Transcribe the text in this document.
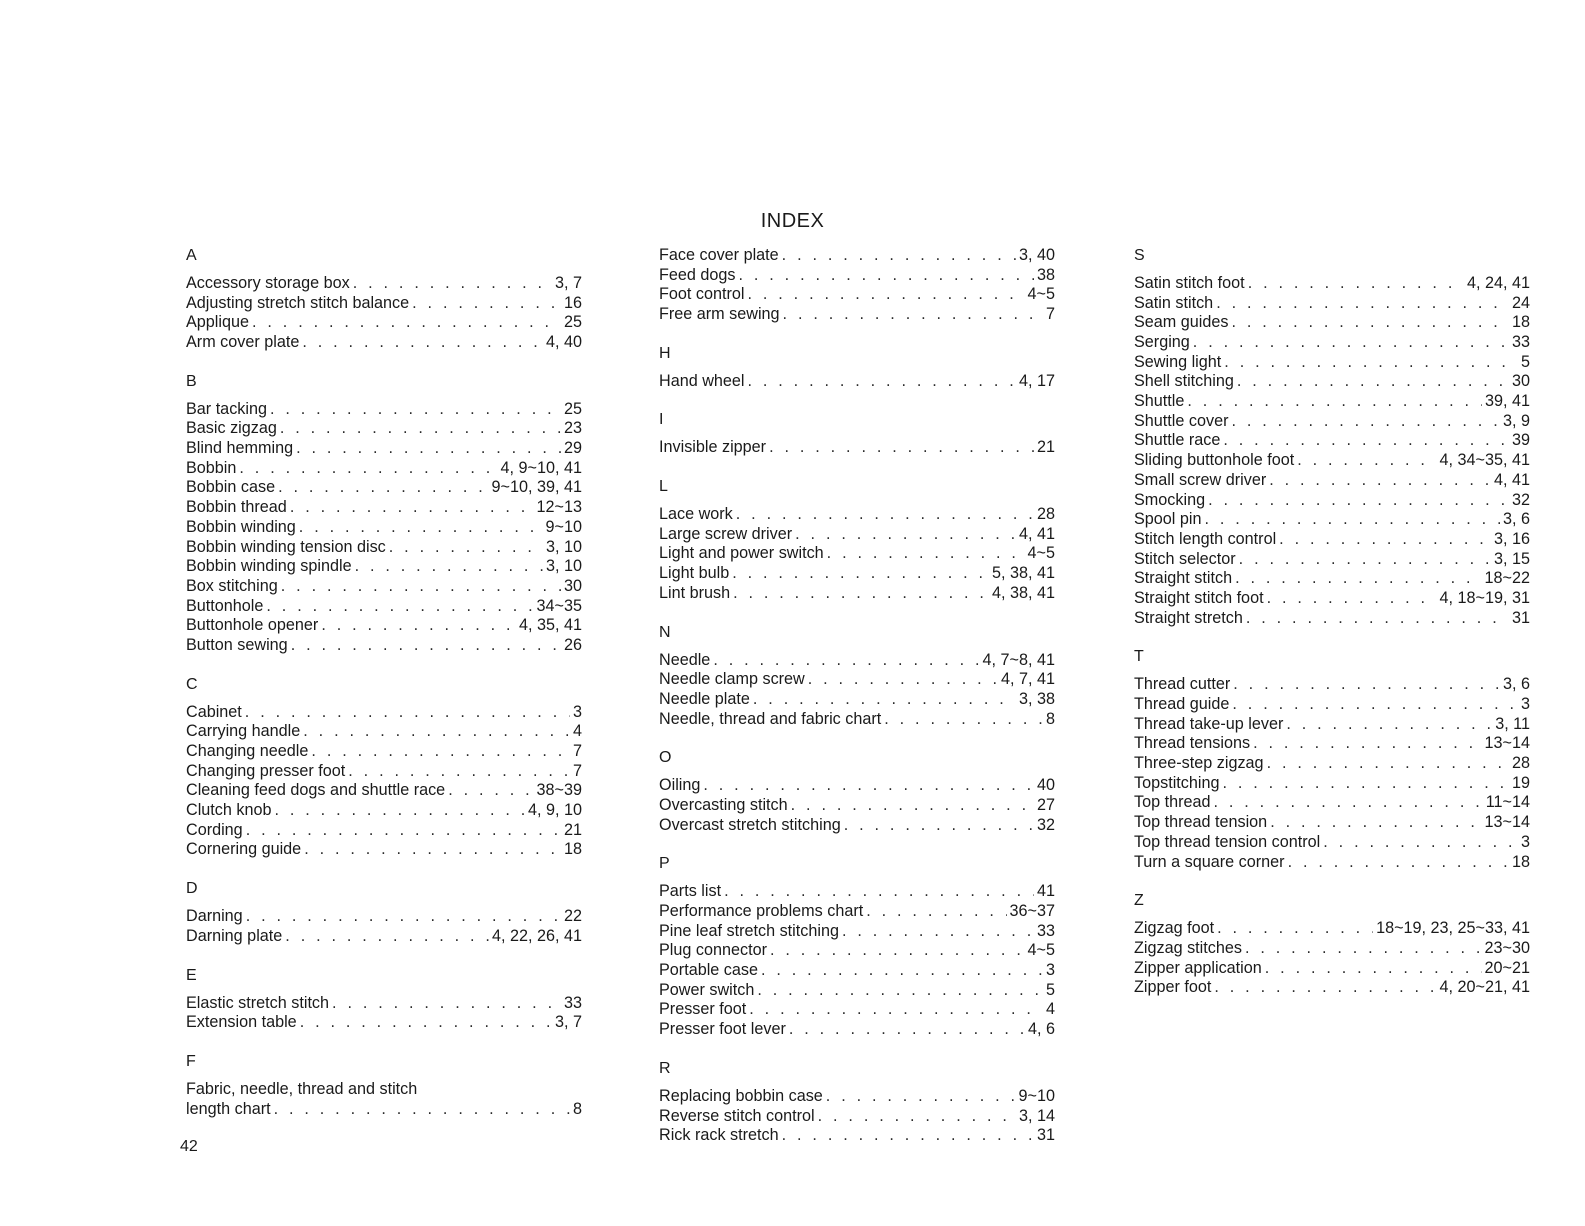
INDEX
A
Accessory storage box . . .	3, 7
Adjusting stretch stitch balance . . .	16
Applique . . .	25
Arm cover plate . . .	4, 40
B
Bar tacking . . .	25
Basic zigzag . . .	23
Blind hemming . . .	29
Bobbin . . .	4, 9~10, 41
Bobbin case . . .	9~10, 39, 41
Bobbin thread . . .	12~13
Bobbin winding . . .	9~10
Bobbin winding tension disc . . .	3, 10
Bobbin winding spindle . . .	3, 10
Box stitching . . .	30
Buttonhole . . .	34~35
Buttonhole opener . . .	4, 35, 41
Button sewing . . .	26
C
Cabinet . . .	3
Carrying handle . . .	4
Changing needle . . .	7
Changing presser foot . . .	7
Cleaning feed dogs and shuttle race . . .	38~39
Clutch knob . . .	4, 9, 10
Cording . . .	21
Cornering guide . . .	18
D
Darning . . .	22
Darning plate . . .	4, 22, 26, 41
E
Elastic stretch stitch . . .	33
Extension table . . .	3, 7
F
Fabric, needle, thread and stitch
length chart . . .	8
Face cover plate . . .	3, 40
Feed dogs . . .	38
Foot control . . .	4~5
Free arm sewing . . .	7
H
Hand wheel . . .	4, 17
I
Invisible zipper . . .	21
L
Lace work . . .	28
Large screw driver . . .	4, 41
Light and power switch . . .	4~5
Light bulb . . .	5, 38, 41
Lint brush . . .	4, 38, 41
N
Needle . . .	4, 7~8, 41
Needle clamp screw . . .	4, 7, 41
Needle plate . . .	3, 38
Needle, thread and fabric chart . . .	8
O
Oiling . . .	40
Overcasting stitch . . .	27
Overcast stretch stitching . . .	32
P
Parts list . . .	41
Performance problems chart . . .	36~37
Pine leaf stretch stitching . . .	33
Plug connector . . .	4~5
Portable case . . .	3
Power switch . . .	5
Presser foot . . .	4
Presser foot lever . . .	4, 6
R
Replacing bobbin case . . .	9~10
Reverse stitch control . . .	3, 14
Rick rack stretch . . .	31
S
Satin stitch foot . . .	4, 24, 41
Satin stitch . . .	24
Seam guides . . .	18
Serging . . .	33
Sewing light . . .	5
Shell stitching . . .	30
Shuttle . . .	39, 41
Shuttle cover . . .	3, 9
Shuttle race . . .	39
Sliding buttonhole foot . . .	4, 34~35, 41
Small screw driver . . .	4, 41
Smocking . . .	32
Spool pin . . .	3, 6
Stitch length control . . .	3, 16
Stitch selector . . .	3, 15
Straight stitch . . .	18~22
Straight stitch foot . . .	4, 18~19, 31
Straight stretch . . .	31
T
Thread cutter . . .	3, 6
Thread guide . . .	3
Thread take-up lever . . .	3, 11
Thread tensions . . .	13~14
Three-step zigzag . . .	28
Topstitching . . .	19
Top thread . . .	11~14
Top thread tension . . .	13~14
Top thread tension control . . .	3
Turn a square corner . . .	18
Z
Zigzag foot . . .	18~19, 23, 25~33, 41
Zigzag stitches . . .	23~30
Zipper application . . .	20~21
Zipper foot . . .	4, 20~21, 41
42
